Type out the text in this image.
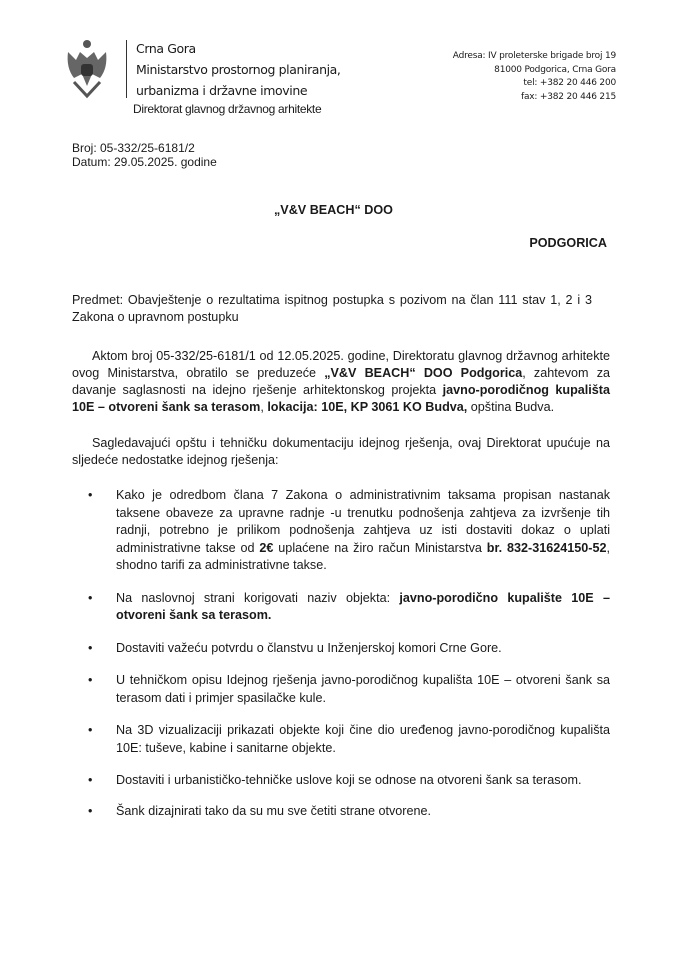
Crna Gora
Ministarstvo prostornog planiranja,
urbanizma i državne imovine
Direktorat glavnog državnog arhitekte
Adresa: IV proleterske brigade broj 19
81000 Podgorica, Crna Gora
tel: +382 20 446 200
fax: +382 20 446 215
Broj: 05-332/25-6181/2
Datum: 29.05.2025. godine
„V&V BEACH“ DOO
PODGORICA
Predmet: Obavještenje o rezultatima ispitnog postupka s pozivom na član 111 stav 1, 2 i 3 Zakona o upravnom postupku
Aktom broj 05-332/25-6181/1 od 12.05.2025. godine, Direktoratu glavnog državnog arhitekte ovog Ministarstva, obratilo se preduzeće „V&V BEACH“ DOO Podgorica, zahtevom za davanje saglasnosti na idejno rješenje arhitektonskog projekta javno-porodičnog kupališta 10E – otvoreni šank sa terasom, lokacija: 10E, KP 3061 KO Budva, opština Budva.
Sagledavajući opštu i tehničku dokumentaciju idejnog rješenja, ovaj Direktorat upućuje na sljedeće nedostatke idejnog rješenja:
• Kako je odredbom člana 7 Zakona o administrativnim taksama propisan nastanak taksene obaveze za upravne radnje -u trenutku podnošenja zahtjeva za izvršenje tih radnji, potrebno je prilikom podnošenja zahtjeva uz isti dostaviti dokaz o uplati administrativne takse od 2€ uplaćene na žiro račun Ministarstva br. 832-31624150-52, shodno tarifi za administrativne takse.
• Na naslovnoj strani korigovati naziv objekta: javno-porodično kupalište 10E – otvoreni šank sa terasom.
• Dostaviti važeću potvrdu o članstvu u Inženjerskoj komori Crne Gore.
• U tehničkom opisu Idejnog rješenja javno-porodičnog kupališta 10E – otvoreni šank sa terasom dati i primjer spasilačke kule.
• Na 3D vizualizaciji prikazati objekte koji čine dio uređenog javno-porodičnog kupališta 10E: tuševe, kabine i sanitarne objekte.
• Dostaviti i urbanističko-tehničke uslove koji se odnose na otvoreni šank sa terasom.
• Šank dizajnirati tako da su mu sve četiti strane otvorene.
